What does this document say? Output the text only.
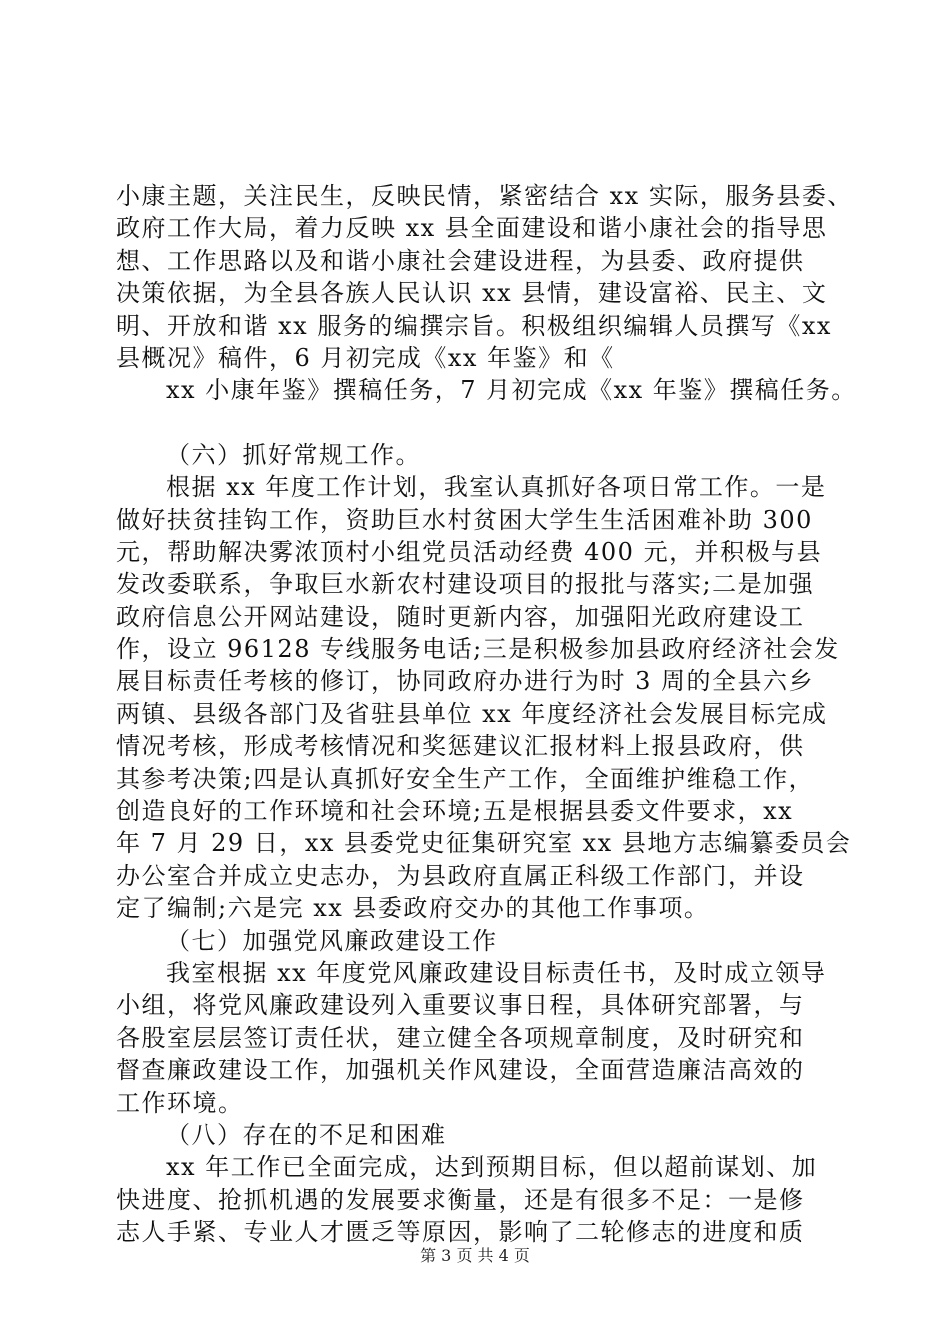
小康主题，关注民生，反映民情，紧密结合 xx 实际，服务县委、
政府工作大局，着力反映 xx 县全面建设和谐小康社会的指导思
想、工作思路以及和谐小康社会建设进程，为县委、政府提供
决策依据，为全县各族人民认识 xx 县情，建设富裕、民主、文
明、开放和谐 xx 服务的编撰宗旨。积极组织编辑人员撰写《xx
县概况》稿件，6 月初完成《xx 年鉴》和《
xx 小康年鉴》撰稿任务，7 月初完成《xx 年鉴》撰稿任务。
（六）抓好常规工作。
根据 xx 年度工作计划，我室认真抓好各项日常工作。一是
做好扶贫挂钩工作，资助巨水村贫困大学生生活困难补助 300
元，帮助解决雾浓顶村小组党员活动经费 400 元，并积极与县
发改委联系，争取巨水新农村建设项目的报批与落实;二是加强
政府信息公开网站建设，随时更新内容，加强阳光政府建设工
作，设立 96128 专线服务电话;三是积极参加县政府经济社会发
展目标责任考核的修订，协同政府办进行为时 3 周的全县六乡
两镇、县级各部门及省驻县单位 xx 年度经济社会发展目标完成
情况考核，形成考核情况和奖惩建议汇报材料上报县政府，供
其参考决策;四是认真抓好安全生产工作，全面维护维稳工作，
创造良好的工作环境和社会环境;五是根据县委文件要求，xx
年 7 月 29 日，xx 县委党史征集研究室 xx 县地方志编纂委员会
办公室合并成立史志办，为县政府直属正科级工作部门，并设
定了编制;六是完 xx 县委政府交办的其他工作事项。
（七）加强党风廉政建设工作
我室根据 xx 年度党风廉政建设目标责任书，及时成立领导
小组，将党风廉政建设列入重要议事日程，具体研究部署，与
各股室层层签订责任状，建立健全各项规章制度，及时研究和
督查廉政建设工作，加强机关作风建设，全面营造廉洁高效的
工作环境。
（八）存在的不足和困难
xx 年工作已全面完成，达到预期目标，但以超前谋划、加
快进度、抢抓机遇的发展要求衡量，还是有很多不足：一是修
志人手紧、专业人才匮乏等原因，影响了二轮修志的进度和质
第 3 页 共 4 页
